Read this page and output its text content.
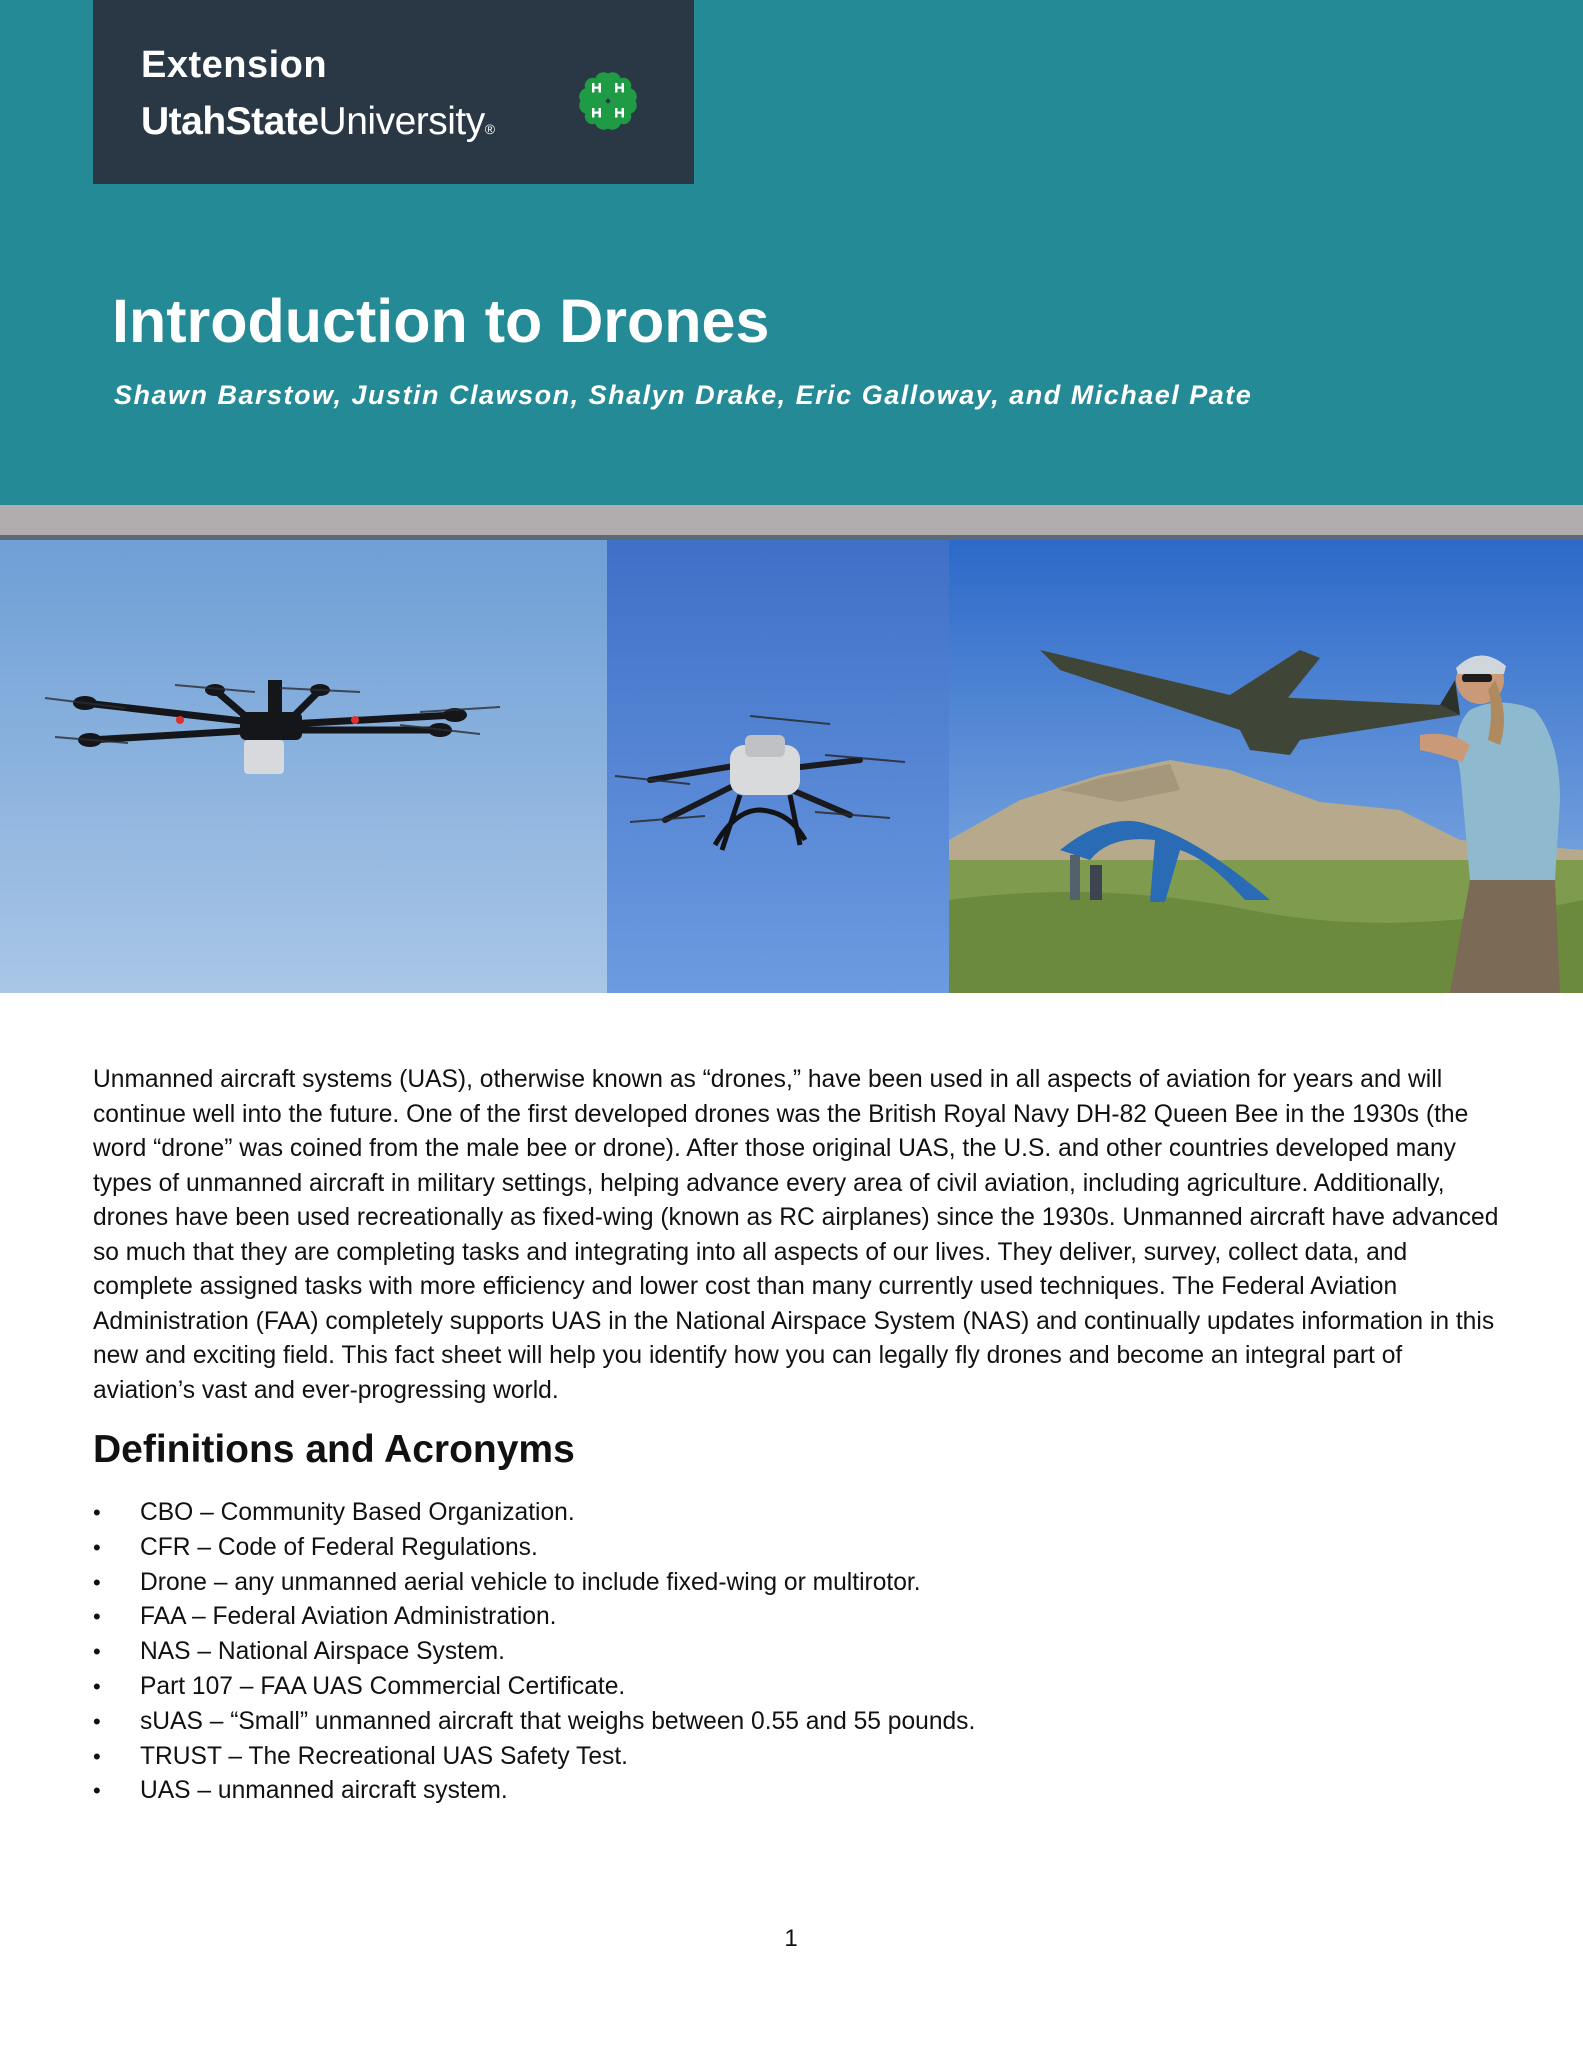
Extension
UtahStateUniversity®
Introduction to Drones
Shawn Barstow, Justin Clawson, Shalyn Drake, Eric Galloway, and Michael Pate

Unmanned aircraft systems (UAS), otherwise known as “drones,” have been used in all aspects of aviation for years and will continue well into the future. One of the first developed drones was the British Royal Navy DH-82 Queen Bee in the 1930s (the word “drone” was coined from the male bee or drone). After those original UAS, the U.S. and other countries developed many types of unmanned aircraft in military settings, helping advance every area of civil aviation, including agriculture. Additionally, drones have been used recreationally as fixed-wing (known as RC airplanes) since the 1930s. Unmanned aircraft have advanced so much that they are completing tasks and integrating into all aspects of our lives. They deliver, survey, collect data, and complete assigned tasks with more efficiency and lower cost than many currently used techniques. The Federal Aviation Administration (FAA) completely supports UAS in the National Airspace System (NAS) and continually updates information in this new and exciting field. This fact sheet will help you identify how you can legally fly drones and become an integral part of aviation’s vast and ever-progressing world.

Definitions and Acronyms
• CBO – Community Based Organization.
• CFR – Code of Federal Regulations.
• Drone – any unmanned aerial vehicle to include fixed-wing or multirotor.
• FAA – Federal Aviation Administration.
• NAS – National Airspace System.
• Part 107 – FAA UAS Commercial Certificate.
• sUAS – “Small” unmanned aircraft that weighs between 0.55 and 55 pounds.
• TRUST – The Recreational UAS Safety Test.
• UAS – unmanned aircraft system.
1
